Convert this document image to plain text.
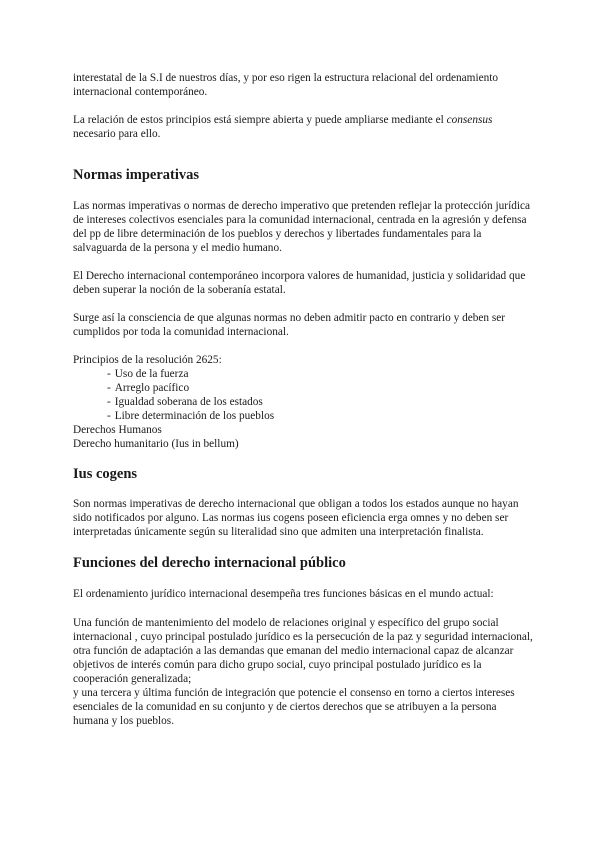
interestatal de la S.I de nuestros días, y por eso rigen la estructura relacional del ordenamiento internacional contemporáneo.

La relación de estos principios está siempre abierta y puede ampliarse mediante el consensus necesario para ello.

Normas imperativas

Las normas imperativas o normas de derecho imperativo que pretenden reflejar la protección jurídica de intereses colectivos esenciales para la comunidad internacional, centrada en la agresión y defensa del pp de libre determinación de los pueblos y derechos y libertades fundamentales para la salvaguarda de la persona y el medio humano.

El Derecho internacional contemporáneo incorpora valores de humanidad, justicia y solidaridad que deben superar la noción de la soberanía estatal.

Surge así la consciencia de que algunas normas no deben admitir pacto en contrario y deben ser cumplidos por toda la comunidad internacional.

Principios de la resolución 2625:

- Uso de la fuerza
- Arreglo pacífico
- Igualdad soberana de los estados
- Libre determinación de los pueblos
Derechos Humanos
Derecho humanitario (Ius in bellum)
Ius cogens

Son normas imperativas de derecho internacional que obligan a todos los estados aunque no hayan sido notificados por alguno. Las normas ius cogens poseen eficiencia erga omnes y no deben ser interpretadas únicamente según su literalidad sino que admiten una interpretación finalista.

Funciones del derecho internacional público

El ordenamiento jurídico internacional desempeña tres funciones básicas en el mundo actual:

Una función de mantenimiento del modelo de relaciones original y específico del grupo social internacional , cuyo principal postulado jurídico es la persecución de la paz y seguridad internacional,

otra función de adaptación a las demandas que emanan del medio internacional capaz de alcanzar objetivos de interés común para dicho grupo social, cuyo principal postulado jurídico es la cooperación generalizada;

y una tercera y última función de integración que potencie el consenso en torno a ciertos intereses esenciales de la comunidad en su conjunto y de ciertos derechos que se atribuyen a la persona humana y los pueblos.
